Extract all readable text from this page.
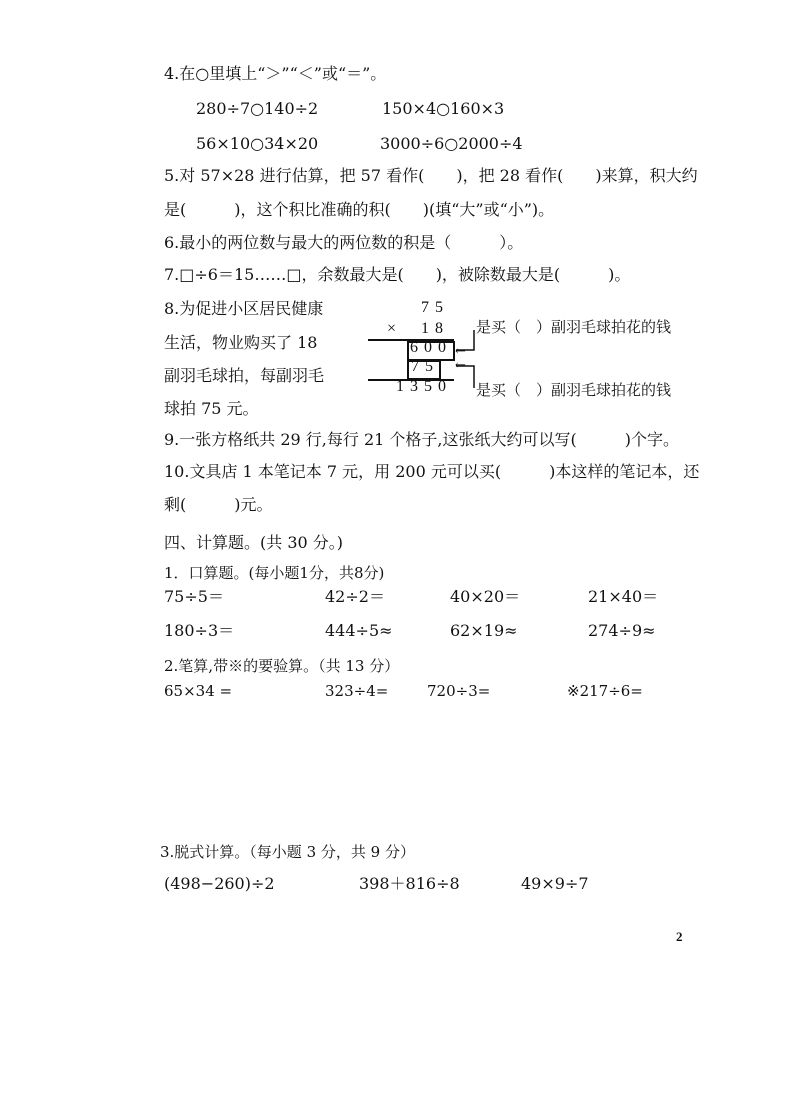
4.在○里填上“＞”“＜”或“＝”。
280÷7○140÷2	150×4○160×3
56×10○34×20	3000÷6○2000÷4
5.对 57×28 进行估算，把 57 看作(　　)，把 28 看作(　　)来算，积大约
是(　　　)，这个积比准确的积(　　)(填“大”或“小”)。
6.最小的两位数与最大的两位数的积是（　　　）。
7.□÷6＝15……□，余数最大是(　　)，被除数最大是(　　　)。
8.为促进小区居民健康
生活，物业购买了 18
副羽毛球拍，每副羽毛
球拍 75 元。
75
× 18
600
75
1350
←
←
是买（　）副羽毛球拍花的钱
是买（　）副羽毛球拍花的钱
9.一张方格纸共 29 行,每行 21 个格子,这张纸大约可以写(　　　)个字。
10.文具店 1 本笔记本 7 元，用 200 元可以买(　　　)本这样的笔记本，还
剩(　　　)元。
四、计算题。(共 30 分。)
1．口算题。(每小题1分，共8分)
75÷5＝	42÷2＝	40×20＝	21×40＝
180÷3＝	444÷5≈	62×19≈	274÷9≈
2.笔算,带※的要验算。（共 13 分）
65×34 =	323÷4=	720÷3=	※217÷6=
3.脱式计算。（每小题 3 分，共 9 分）
(498−260)÷2	398＋816÷8	49×9÷7
2
